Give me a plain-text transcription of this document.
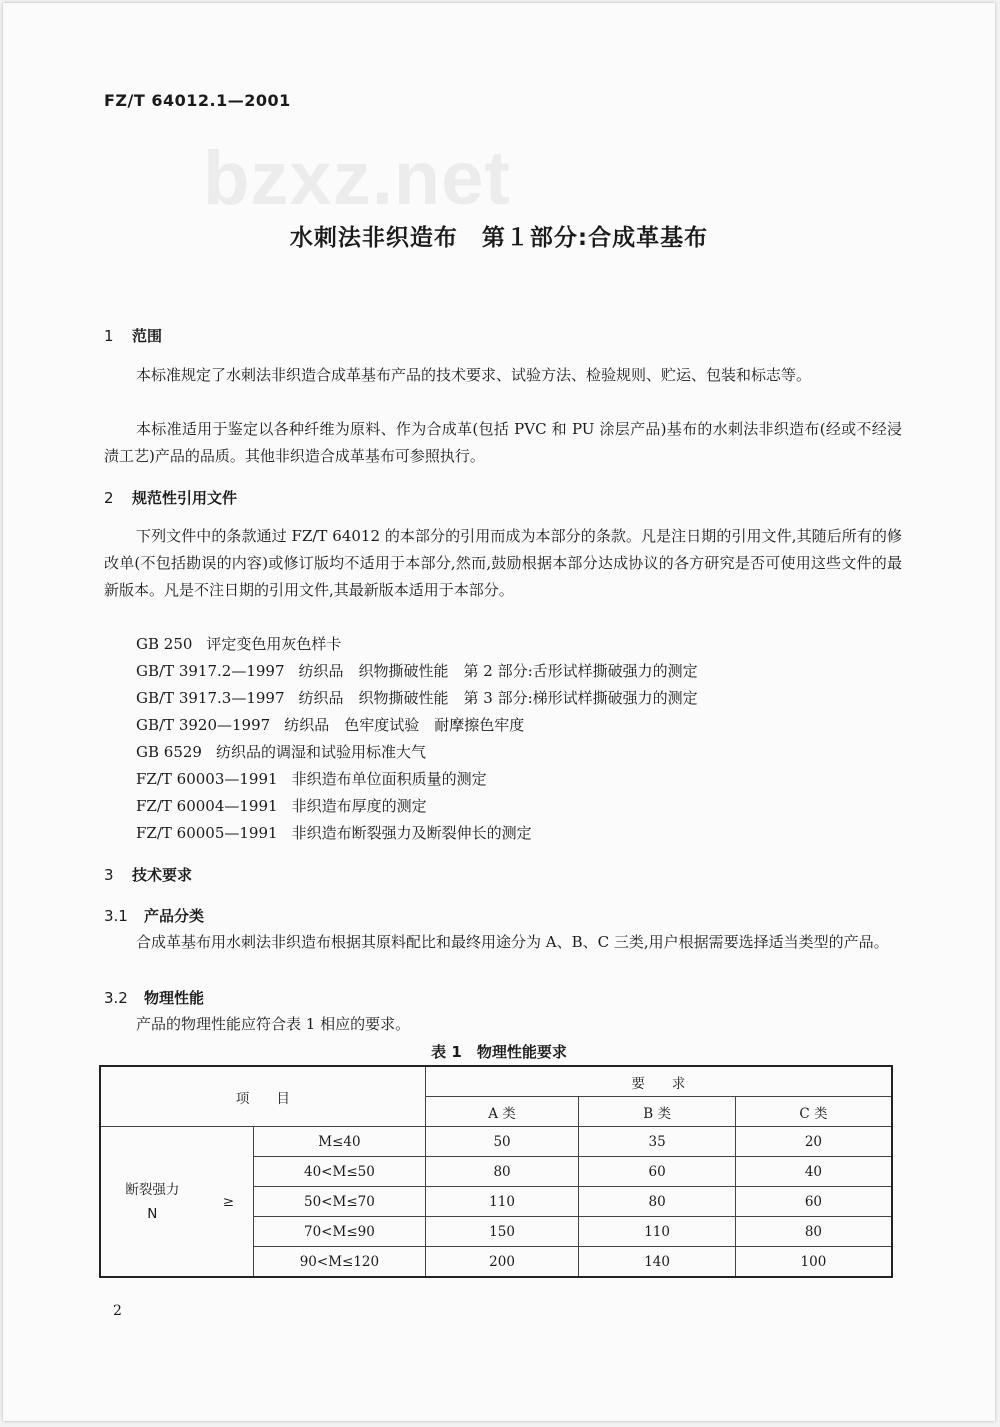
FZ/T 64012.1—2001
bzxz.net
水刺法非织造布　第１部分:合成革基布
1 范围
本标准规定了水刺法非织造合成革基布产品的技术要求、试验方法、检验规则、贮运、包装和标志等。
本标准适用于鉴定以各种纤维为原料、作为合成革(包括 PVC 和 PU 涂层产品)基布的水刺法非织造布(经或不经浸渍工艺)产品的品质。其他非织造合成革基布可参照执行。
2 规范性引用文件
下列文件中的条款通过 FZ/T 64012 的本部分的引用而成为本部分的条款。凡是注日期的引用文件,其随后所有的修改单(不包括勘误的内容)或修订版均不适用于本部分,然而,鼓励根据本部分达成协议的各方研究是否可使用这些文件的最新版本。凡是不注日期的引用文件,其最新版本适用于本部分。
GB 250 评定变色用灰色样卡
GB/T 3917.2—1997 纺织品　织物撕破性能　第 2 部分:舌形试样撕破强力的测定
GB/T 3917.3—1997 纺织品　织物撕破性能　第 3 部分:梯形试样撕破强力的测定
GB/T 3920—1997 纺织品　色牢度试验　耐摩擦色牢度
GB 6529 纺织品的调湿和试验用标准大气
FZ/T 60003—1991 非织造布单位面积质量的测定
FZ/T 60004—1991 非织造布厚度的测定
FZ/T 60005—1991 非织造布断裂强力及断裂伸长的测定
3 技术要求
3.1 产品分类
合成革基布用水刺法非织造布根据其原料配比和最终用途分为 A、B、C 三类,用户根据需要选择适当类型的产品。
3.2 物理性能
产品的物理性能应符合表 1 相应的要求。
表 1　物理性能要求
项　　目			要　　求		
			A 类	B 类	C 类

断裂强力
N	≥	M≤40	50	35	20
		40<M≤50	80	60	40
		50<M≤70	110	80	60
		70<M≤90	150	110	80
		90<M≤120	200	140	100
2
